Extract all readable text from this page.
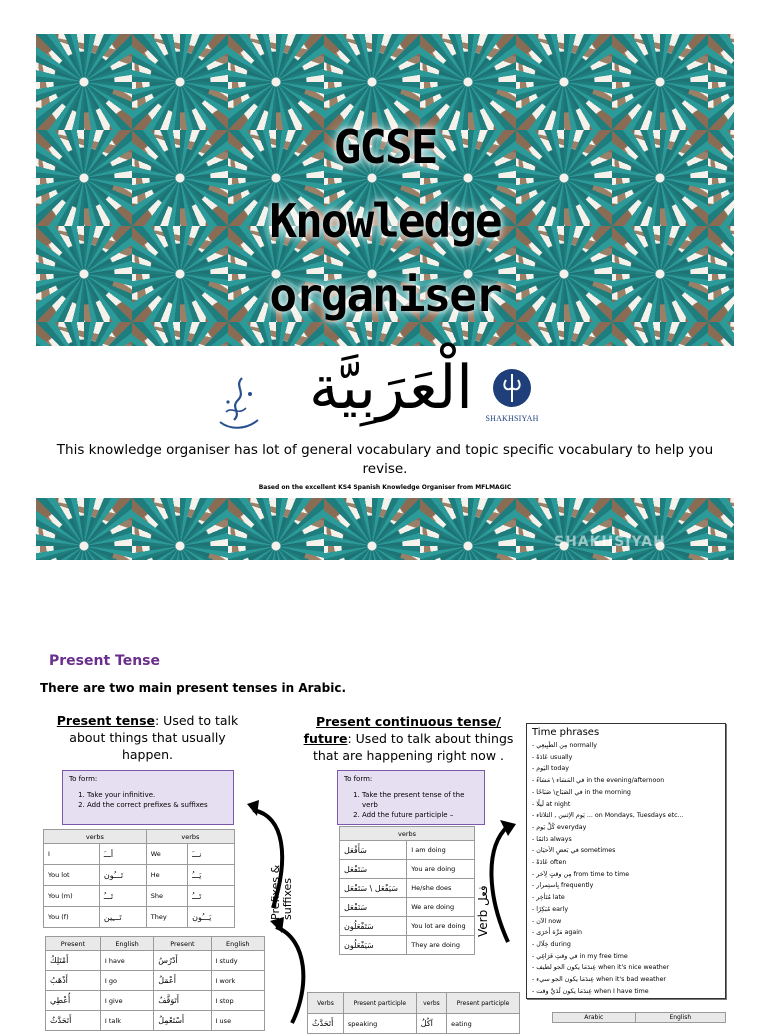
GCSE
Knowledge
organiser
الْعَرَبِيَّة	SHAKHSIYAH
This knowledge organiser has lot of general vocabulary and topic specific vocabulary to help you revise.
Based on the excellent KS4 Spanish Knowledge Organiser from MFLMAGIC
SHAKHSIYAH
Present Tense
There are two main present tenses in Arabic.
Present tense: Used to talk about things that usually happen.
Present continuous tense/
future: Used to talk about things that are happening right now .
To form:
1. Take your infinitive.
2. Add the correct prefixes & suffixes
To form:
1. Take the present tense of the verb
2. Add the future participle –
verbs		verbs	
I	أـــَ	We	نـــَ
You lot	تَـــُون	He	يَـــُ
You (m)	تَـــُ	She	تَـــُ
You (f)	تَـــِين	They	يَـــُون
verbs	
سَأَفْعَل	I am doing
سَتَفْعَل	You are doing
سَيَفْعَل \ سَتَفْعَل	He/she does
سَنَفْعَل	We are doing
سَتَفْعَلُون	You lot are doing
سَيَفْعَلُون	They are doing
Prefixes & suffixes
Verb فعل
Present	English	Present	English
أَمْتَلِكُ	I have	أَدْرُسُ	I study
أَذْهَبُ	I go	أَعْمَلُ	I work
أُعْطِي	I give	أَتَوَقَّفُ	I stop
أَتَحَدَّثُ	I talk	أَسْتَعْمِلُ	I use
Verbs	Present participle	verbs	Present participle
أَتَحَدَّثُ	speaking	آكُلُ	eating
Arabic	English
Time phrases
- مِن الطَبِيعِي normally
- عَادَةً usually
- اليَوم today
- في المَسَاء \ مَسَاءً in the evening/afternoon
- في الصَبَاح\ صَبَاحًا in the morning
- لَيلًا at night
- يَوم الإثنين , الثلاثاء ... on Mondays, Tuesdays etc...
- كُلَّ يَوم everyday
- دَائمًا always
- في بَعضِ الأحيَان sometimes
- عَادَةً often
- مِن وقتٍ لِآخر from time to time
- بِاستِمرار frequently
- مُتَأخِر late
- مُبَكِرًا early
- الآن now
- مَرَّة أُخرَى again
- خِلَال during
- في وقتِ فَرَاغِي in my free time
- عِندَمَا يكون الجو لطيف when it's nice weather
- عِندَمَا يكون الجو سيء when it's bad weather
- عِندَمَا يكون لَدَيَّ وقت when I have time
